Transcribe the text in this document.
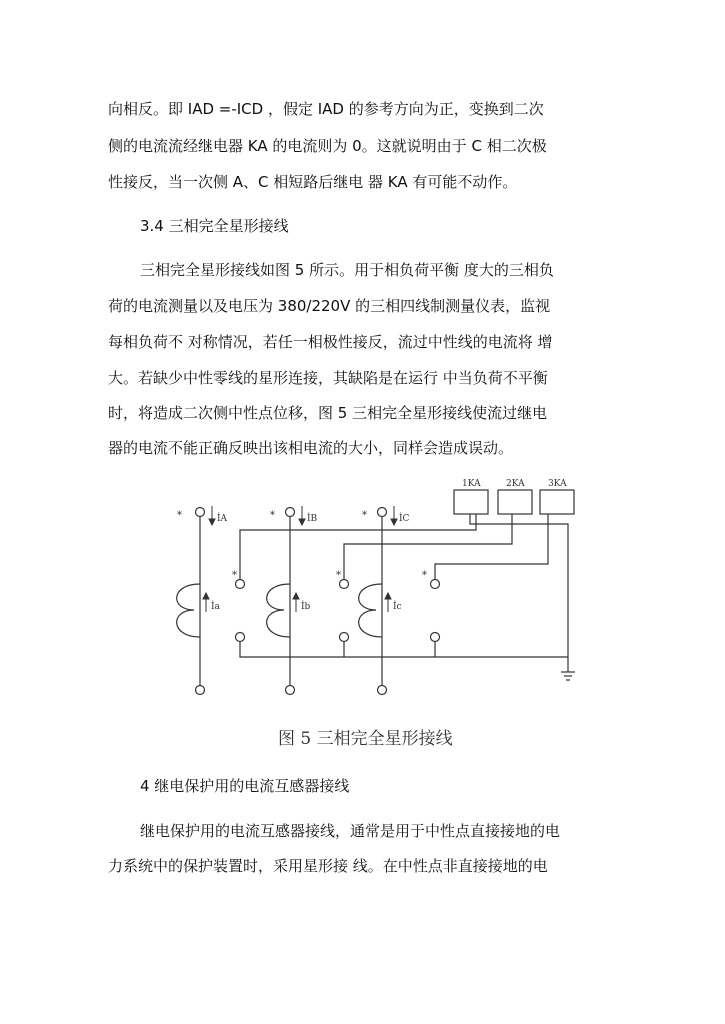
向相反。即 ΙAD =-ΙCD ，假定 ΙAD 的参考方向为正，变换到二次
侧的电流流经继电器 KA 的电流则为 0。这就说明由于 C 相二次极
性接反，当一次侧 A、C 相短路后继电 器 KA 有可能不动作。
3.4 三相完全星形接线
三相完全星形接线如图 5 所示。用于相负荷平衡 度大的三相负
荷的电流测量以及电压为 380/220V 的三相四线制测量仪表，监视
每相负荷不 对称情况，若任一相极性接反，流过中性线的电流将 增
大。若缺少中性零线的星形连接，其缺陷是在运行 中当负荷不平衡
时，将造成二次侧中性点位移，图 5 三相完全星形接线使流过继电
器的电流不能正确反映出该相电流的大小，同样会造成误动。
İA	İB	İC
İa	İb	İc
1KA	2KA	3KA
*	*	*
*	*	*
图 5 三相完全星形接线
4 继电保护用的电流互感器接线
继电保护用的电流互感器接线，通常是用于中性点直接接地的电
力系统中的保护装置时，采用星形接 线。在中性点非直接接地的电
